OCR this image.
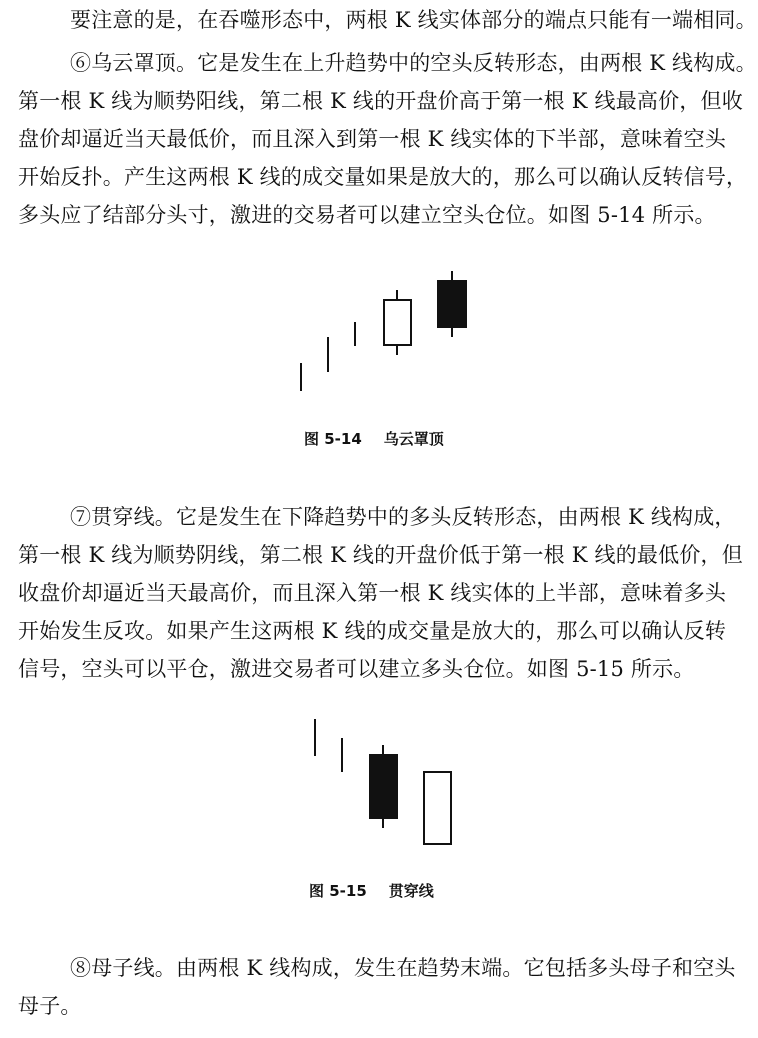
要注意的是，在吞噬形态中，两根 K 线实体部分的端点只能有一端相同。
⑥乌云罩顶。它是发生在上升趋势中的空头反转形态，由两根 K 线构成。
第一根 K 线为顺势阳线，第二根 K 线的开盘价高于第一根 K 线最高价，但收
盘价却逼近当天最低价，而且深入到第一根 K 线实体的下半部，意味着空头
开始反扑。产生这两根 K 线的成交量如果是放大的，那么可以确认反转信号，
多头应了结部分头寸，激进的交易者可以建立空头仓位。如图 5-14 所示。
图 5-14 乌云罩顶
⑦贯穿线。它是发生在下降趋势中的多头反转形态，由两根 K 线构成，
第一根 K 线为顺势阴线，第二根 K 线的开盘价低于第一根 K 线的最低价，但
收盘价却逼近当天最高价，而且深入第一根 K 线实体的上半部，意味着多头
开始发生反攻。如果产生这两根 K 线的成交量是放大的，那么可以确认反转
信号，空头可以平仓，激进交易者可以建立多头仓位。如图 5-15 所示。
图 5-15 贯穿线
⑧母子线。由两根 K 线构成，发生在趋势末端。它包括多头母子和空头
母子。
